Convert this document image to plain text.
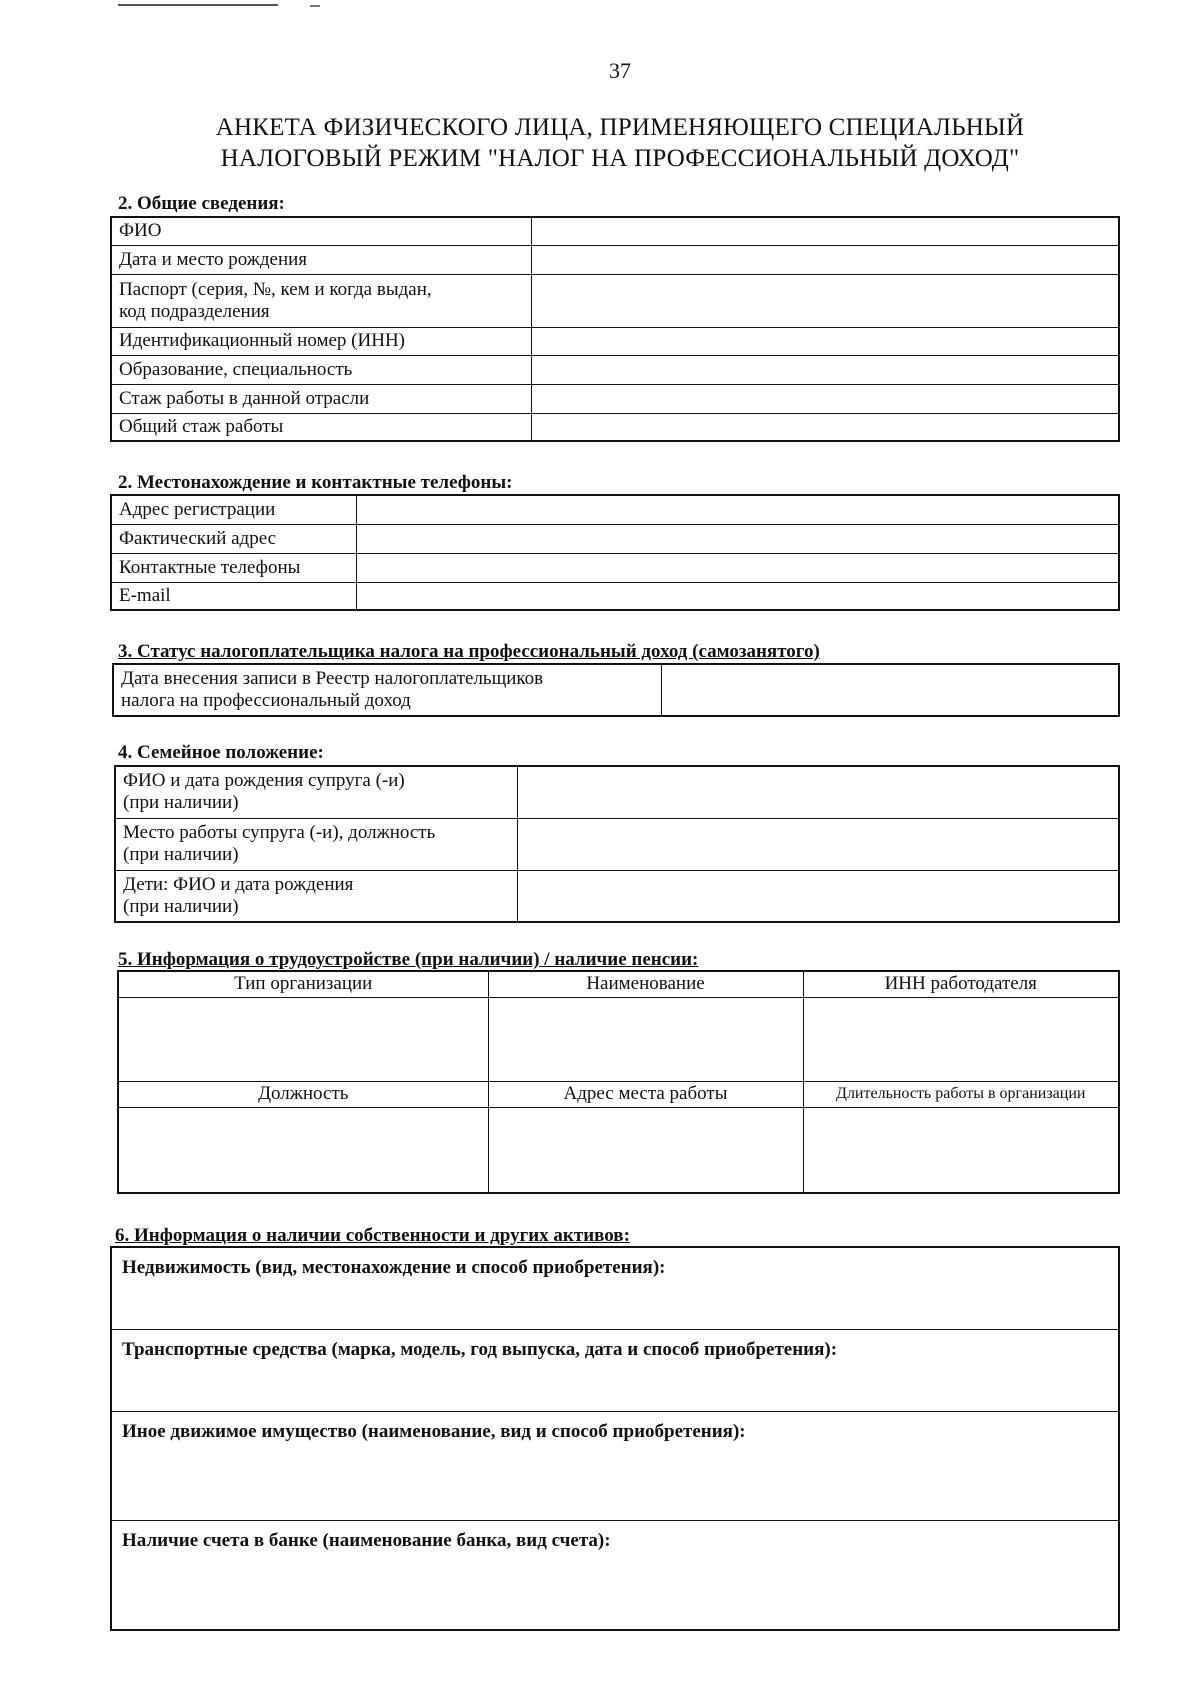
37
АНКЕТА ФИЗИЧЕСКОГО ЛИЦА, ПРИМЕНЯЮЩЕГО СПЕЦИАЛЬНЫЙ
НАЛОГОВЫЙ РЕЖИМ "НАЛОГ НА ПРОФЕССИОНАЛЬНЫЙ ДОХОД"
2. Общие сведения:
ФИО	
Дата и место рождения	

Паспорт (серия, №, кем и когда выдан,
код подразделения	

Идентификационный номер (ИНН)	
Образование, специальность	
Стаж работы в данной отрасли	
Общий стаж работы	
2. Местонахождение и контактные телефоны:
Адрес регистрации	
Фактический адрес	
Контактные телефоны	
E-mail	
3. Статус налогоплательщика налога на профессиональный доход (самозанятого)
Дата внесения записи в Реестр налогоплательщиков
налога на профессиональный доход

4. Семейное положение:
ФИО и дата рождения супруга (-и)
(при наличии)	

Место работы супруга (-и), должность
(при наличии)	

Дети: ФИО и дата рождения
(при наличии)	

5. Информация о трудоустройстве (при наличии) / наличие пенсии:
Тип организации	Наименование	ИНН работодателя

Должность	Адрес места работы	Длительность работы в организации

6. Информация о наличии собственности и других активов:
Недвижимость (вид, местонахождение и способ приобретения):
Транспортные средства (марка, модель, год выпуска, дата и способ приобретения):
Иное движимое имущество (наименование, вид и способ приобретения):
Наличие счета в банке (наименование банка, вид счета):
